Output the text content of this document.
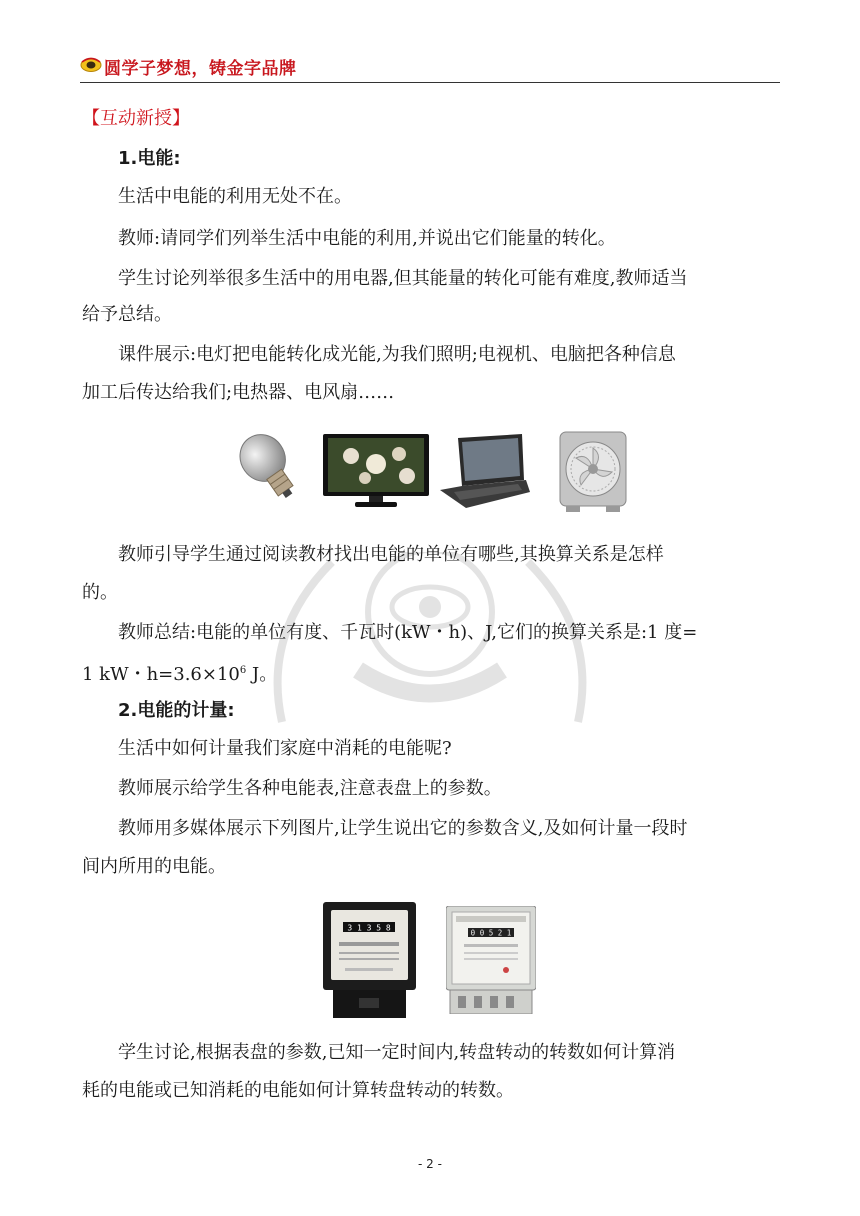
圆学子梦想，铸金字品牌
【互动新授】
1.电能:
生活中电能的利用无处不在。
教师:请同学们列举生活中电能的利用,并说出它们能量的转化。
学生讨论列举很多生活中的用电器,但其能量的转化可能有难度,教师适当
给予总结。
课件展示:电灯把电能转化成光能,为我们照明;电视机、电脑把各种信息
加工后传达给我们;电热器、电风扇……
教师引导学生通过阅读教材找出电能的单位有哪些,其换算关系是怎样
的。
教师总结:电能的单位有度、千瓦时(kW・h)、J,它们的换算关系是:1 度=
1 kW・$h=3.6\times 10^6$ J。
2.电能的计量:
生活中如何计量我们家庭中消耗的电能呢?
教师展示给学生各种电能表,注意表盘上的参数。
教师用多媒体展示下列图片,让学生说出它的参数含义,及如何计量一段时
间内所用的电能。
3 1 3 5 8
0 0 5 2 1
学生讨论,根据表盘的参数,已知一定时间内,转盘转动的转数如何计算消
耗的电能或已知消耗的电能如何计算转盘转动的转数。
- 2 -
